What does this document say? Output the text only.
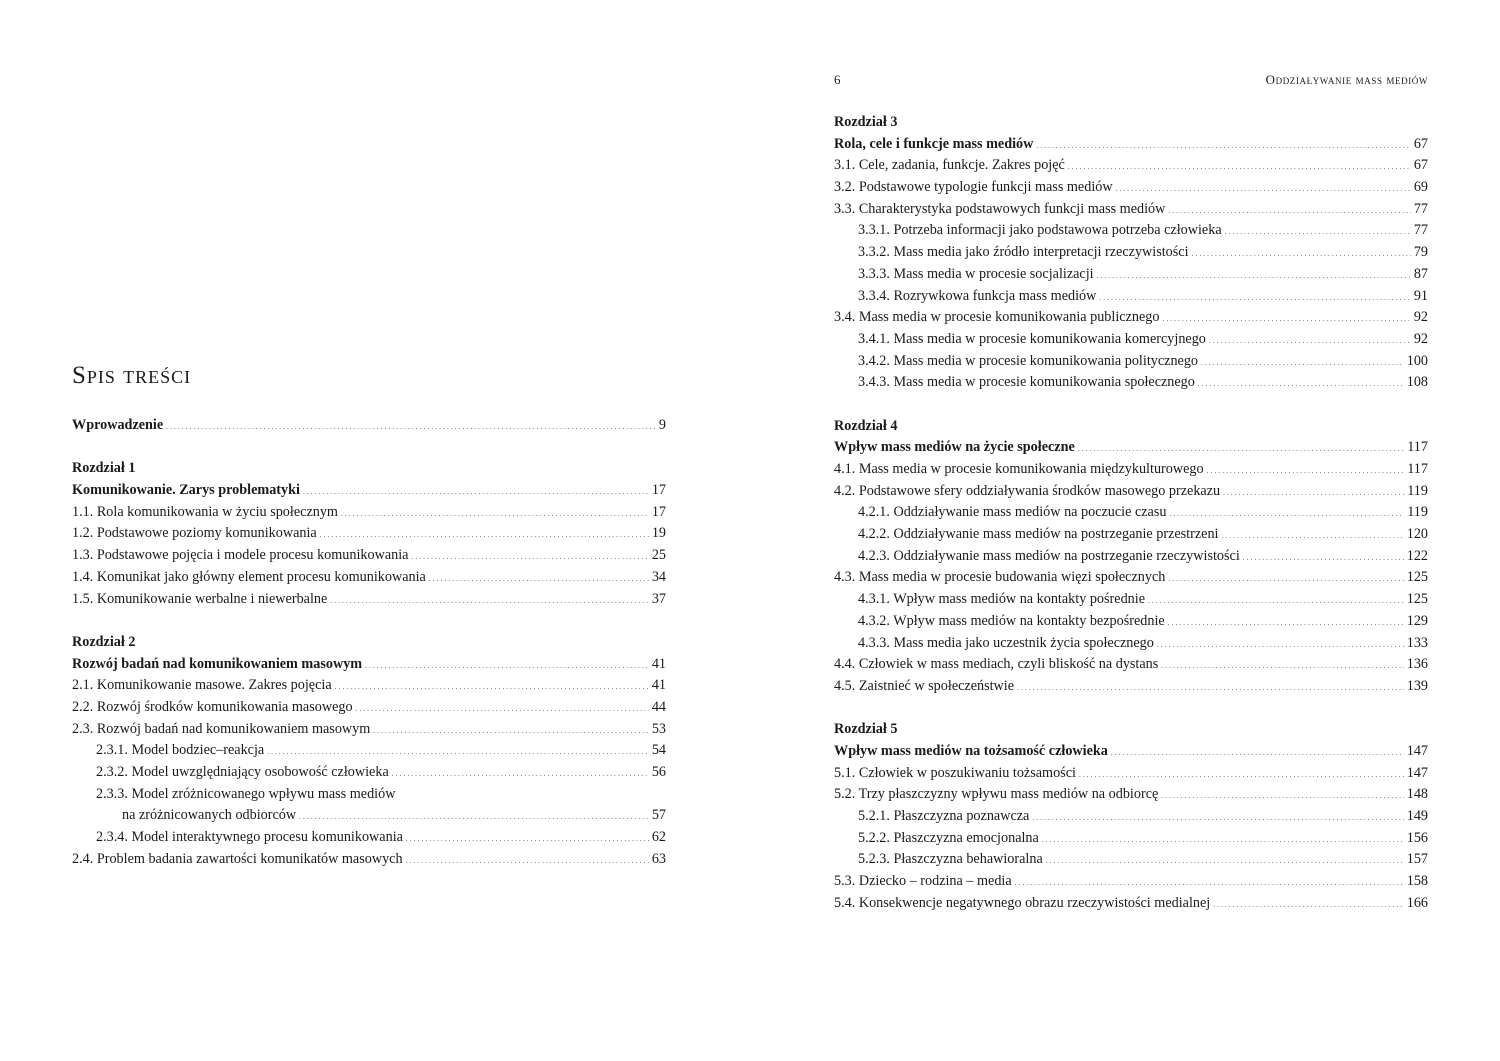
Spis treści
Wprowadzenie . . .	9
Rozdział 1
Komunikowanie. Zarys problematyki . . .	17
1.1. Rola komunikowania w życiu społecznym . . .	17
1.2. Podstawowe poziomy komunikowania . . .	19
1.3. Podstawowe pojęcia i modele procesu komunikowania . . .	25
1.4. Komunikat jako główny element procesu komunikowania . . .	34
1.5. Komunikowanie werbalne i niewerbalne . . .	37
Rozdział 2
Rozwój badań nad komunikowaniem masowym . . .	41
2.1. Komunikowanie masowe. Zakres pojęcia . . .	41
2.2. Rozwój środków komunikowania masowego . . .	44
2.3. Rozwój badań nad komunikowaniem masowym . . .	53
2.3.1. Model bodziec–reakcja . . .	54
2.3.2. Model uwzględniający osobowość człowieka . . .	56
2.3.3. Model zróżnicowanego wpływu mass mediów
na zróżnicowanych odbiorców . . .	57
2.3.4. Model interaktywnego procesu komunikowania . . .	62
2.4. Problem badania zawartości komunikatów masowych . . .	63
6	Oddziaływanie mass mediów
Rozdział 3
Rola, cele i funkcje mass mediów . . .	67
3.1. Cele, zadania, funkcje. Zakres pojęć . . .	67
3.2. Podstawowe typologie funkcji mass mediów . . .	69
3.3. Charakterystyka podstawowych funkcji mass mediów . . .	77
3.3.1. Potrzeba informacji jako podstawowa potrzeba człowieka . . .	77
3.3.2. Mass media jako źródło interpretacji rzeczywistości . . .	79
3.3.3. Mass media w procesie socjalizacji . . .	87
3.3.4. Rozrywkowa funkcja mass mediów . . .	91
3.4. Mass media w procesie komunikowania publicznego . . .	92
3.4.1. Mass media w procesie komunikowania komercyjnego . . .	92
3.4.2. Mass media w procesie komunikowania politycznego . . .	100
3.4.3. Mass media w procesie komunikowania społecznego . . .	108
Rozdział 4
Wpływ mass mediów na życie społeczne . . .	117
4.1. Mass media w procesie komunikowania międzykulturowego . . .	117
4.2. Podstawowe sfery oddziaływania środków masowego przekazu . . .	119
4.2.1. Oddziaływanie mass mediów na poczucie czasu . . .	119
4.2.2. Oddziaływanie mass mediów na postrzeganie przestrzeni . . .	120
4.2.3. Oddziaływanie mass mediów na postrzeganie rzeczywistości . . .	122
4.3. Mass media w procesie budowania więzi społecznych . . .	125
4.3.1. Wpływ mass mediów na kontakty pośrednie . . .	125
4.3.2. Wpływ mass mediów na kontakty bezpośrednie . . .	129
4.3.3. Mass media jako uczestnik życia społecznego . . .	133
4.4. Człowiek w mass mediach, czyli bliskość na dystans . . .	136
4.5. Zaistnieć w społeczeństwie . . .	139
Rozdział 5
Wpływ mass mediów na tożsamość człowieka . . .	147
5.1. Człowiek w poszukiwaniu tożsamości . . .	147
5.2. Trzy płaszczyzny wpływu mass mediów na odbiorcę . . .	148
5.2.1. Płaszczyzna poznawcza . . .	149
5.2.2. Płaszczyzna emocjonalna . . .	156
5.2.3. Płaszczyzna behawioralna . . .	157
5.3. Dziecko – rodzina – media . . .	158
5.4. Konsekwencje negatywnego obrazu rzeczywistości medialnej . . .	166
